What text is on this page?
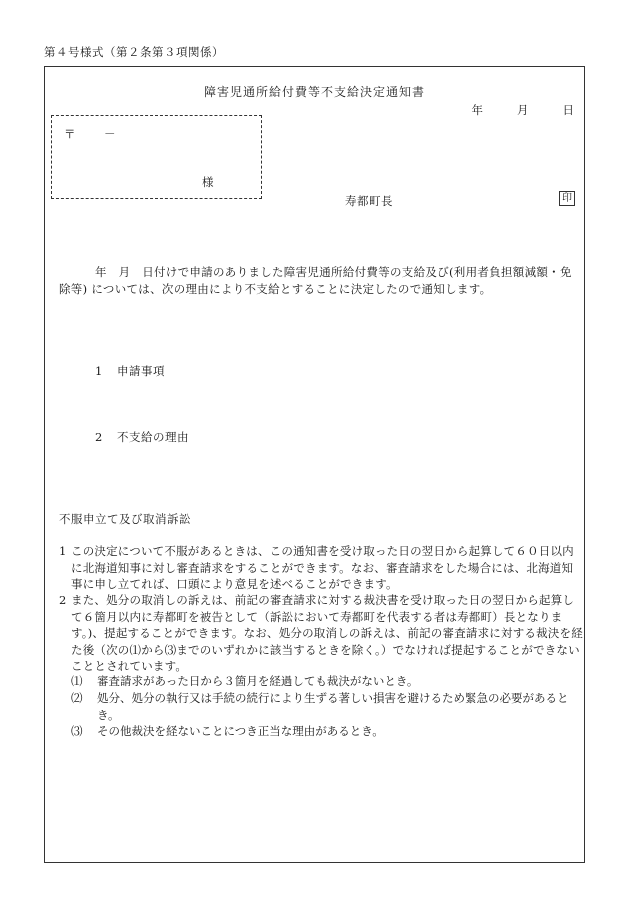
第４号様式（第２条第３項関係）
障害児通所給付費等不支給決定通知書
年	月	日
〒 －
様
寿都町長	印
年　月　日付けで申請のありました障害児通所給付費等の支給及び(利用者負担額減額・免除等) については、次の理由により不支給とすることに決定したので通知します。
1 申請事項
2 不支給の理由
不服申立て及び取消訴訟
1 この決定について不服があるときは、この通知書を受け取った日の翌日から起算して６０日以内に北海道知事に対し審査請求をすることができます。なお、審査請求をした場合には、北海道知事に申し立てれば、口頭により意見を述べることができます。
2 また、処分の取消しの訴えは、前記の審査請求に対する裁決書を受け取った日の翌日から起算して６箇月以内に寿都町を被告として（訴訟において寿都町を代表する者は寿都町）長となります。)、提起することができます。なお、処分の取消しの訴えは、前記の審査請求に対する裁決を経た後（次の⑴から⑶までのいずれかに該当するときを除く。）でなければ提起することができないこととされています。
⑴	審査請求があった日から３箇月を経過しても裁決がないとき。
⑵	処分、処分の執行又は手続の続行により生ずる著しい損害を避けるため緊急の必要があるとき。
⑶	その他裁決を経ないことにつき正当な理由があるとき。
